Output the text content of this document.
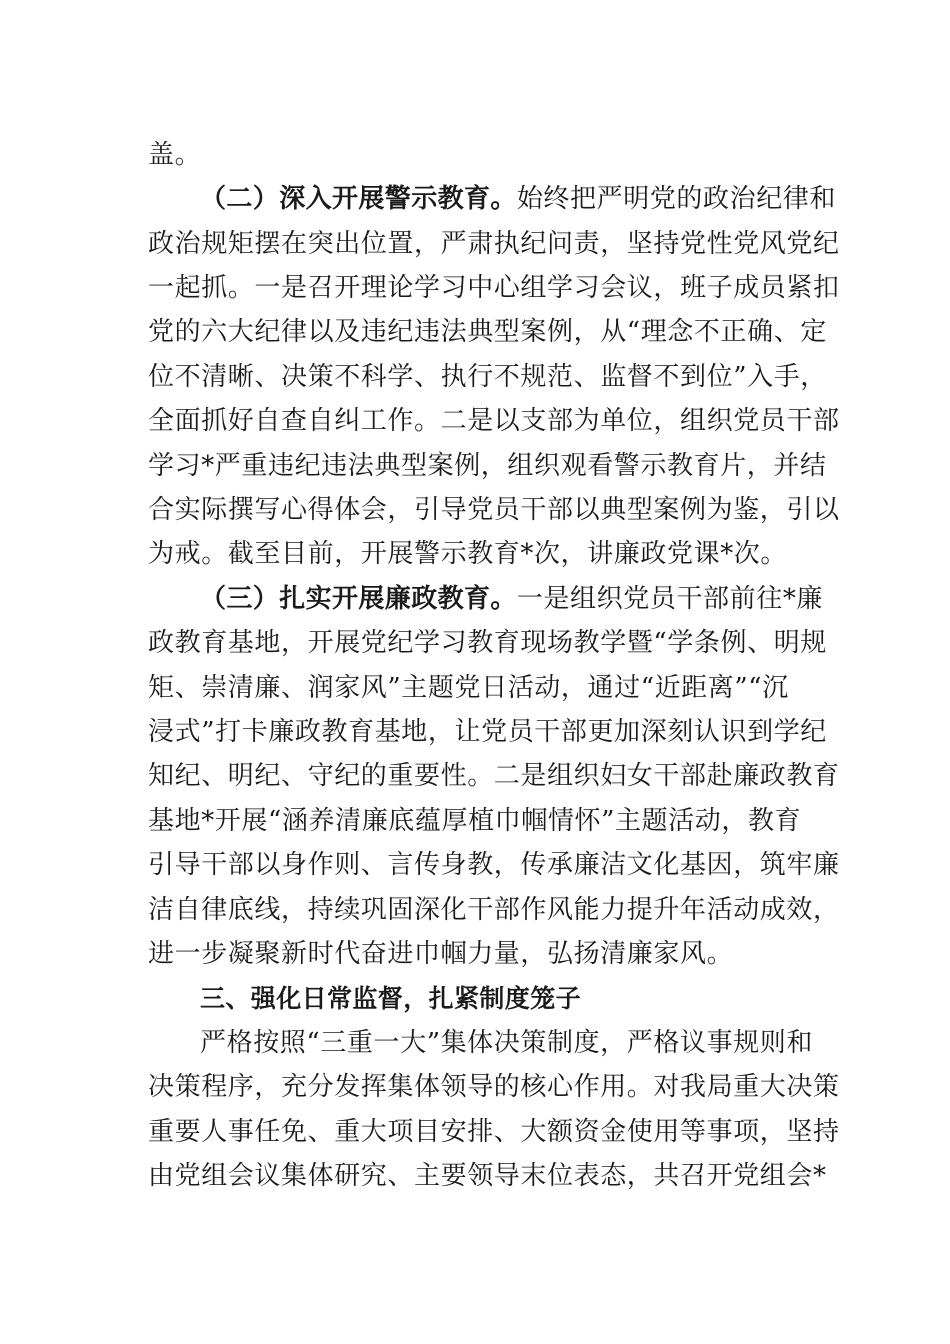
盖。
（二）深入开展警示教育。始终把严明党的政治纪律和
政治规矩摆在突出位置，严肃执纪问责，坚持党性党风党纪
一起抓。一是召开理论学习中心组学习会议，班子成员紧扣
党的六大纪律以及违纪违法典型案例，从“理念不正确、定
位不清晰、决策不科学、执行不规范、监督不到位”入手，
全面抓好自查自纠工作。二是以支部为单位，组织党员干部
学习*严重违纪违法典型案例，组织观看警示教育片，并结
合实际撰写心得体会，引导党员干部以典型案例为鉴，引以
为戒。截至目前，开展警示教育*次，讲廉政党课*次。
（三）扎实开展廉政教育。一是组织党员干部前往*廉
政教育基地，开展党纪学习教育现场教学暨“学条例、明规
矩、崇清廉、润家风”主题党日活动，通过“近距离”“沉
浸式”打卡廉政教育基地，让党员干部更加深刻认识到学纪
知纪、明纪、守纪的重要性。二是组织妇女干部赴廉政教育
基地*开展“涵养清廉底蕴厚植巾帼情怀”主题活动，教育
引导干部以身作则、言传身教，传承廉洁文化基因，筑牢廉
洁自律底线，持续巩固深化干部作风能力提升年活动成效，
进一步凝聚新时代奋进巾帼力量，弘扬清廉家风。
三、强化日常监督，扎紧制度笼子
严格按照“三重一大”集体决策制度，严格议事规则和
决策程序，充分发挥集体领导的核心作用。对我局重大决策
重要人事任免、重大项目安排、大额资金使用等事项，坚持
由党组会议集体研究、主要领导末位表态，共召开党组会*
